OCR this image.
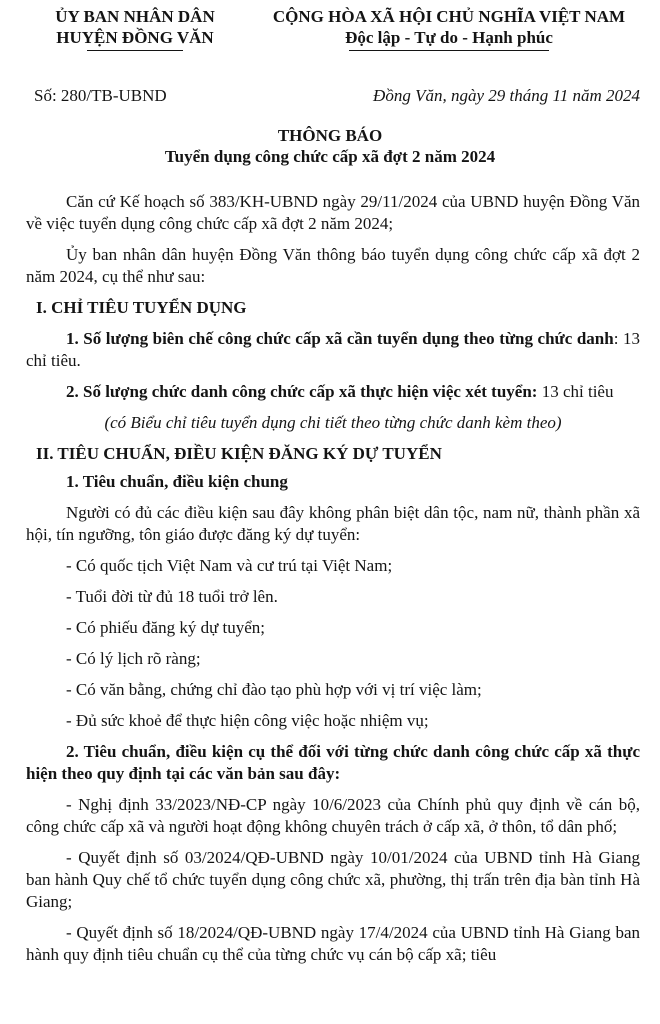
ỦY BAN NHÂN DÂN
HUYỆN ĐỒNG VĂN
CỘNG HÒA XÃ HỘI CHỦ NGHĨA VIỆT NAM
Độc lập - Tự do - Hạnh phúc
Số: 280/TB-UBND	Đồng Văn, ngày 29 tháng 11 năm 2024
THÔNG BÁO
Tuyển dụng công chức cấp xã đợt 2 năm 2024

Căn cứ Kế hoạch số 383/KH-UBND ngày 29/11/2024 của UBND huyện Đồng Văn về việc tuyển dụng công chức cấp xã đợt 2 năm 2024;

Ủy ban nhân dân huyện Đồng Văn thông báo tuyển dụng công chức cấp xã đợt 2 năm 2024, cụ thể như sau:

I. CHỈ TIÊU TUYỂN DỤNG

1. Số lượng biên chế công chức cấp xã cần tuyển dụng theo từng chức danh: 13 chỉ tiêu.

2. Số lượng chức danh công chức cấp xã thực hiện việc xét tuyển: 13 chỉ tiêu

(có Biểu chỉ tiêu tuyển dụng chi tiết theo từng chức danh kèm theo)

II. TIÊU CHUẨN, ĐIỀU KIỆN ĐĂNG KÝ DỰ TUYỂN

1. Tiêu chuẩn, điều kiện chung

Người có đủ các điều kiện sau đây không phân biệt dân tộc, nam nữ, thành phần xã hội, tín ngưỡng, tôn giáo được đăng ký dự tuyển:

- Có quốc tịch Việt Nam và cư trú tại Việt Nam;

- Tuổi đời từ đủ 18 tuổi trở lên.

- Có phiếu đăng ký dự tuyển;

- Có lý lịch rõ ràng;

- Có văn bằng, chứng chỉ đào tạo phù hợp với vị trí việc làm;

- Đủ sức khoẻ để thực hiện công việc hoặc nhiệm vụ;

2. Tiêu chuẩn, điều kiện cụ thể đối với từng chức danh công chức cấp xã thực hiện theo quy định tại các văn bản sau đây:

- Nghị định 33/2023/NĐ-CP ngày 10/6/2023 của Chính phủ quy định về cán bộ, công chức cấp xã và người hoạt động không chuyên trách ở cấp xã, ở thôn, tổ dân phố;

- Quyết định số 03/2024/QĐ-UBND ngày 10/01/2024 của UBND tỉnh Hà Giang ban hành Quy chế tổ chức tuyển dụng công chức xã, phường, thị trấn trên địa bàn tỉnh Hà Giang;

- Quyết định số 18/2024/QĐ-UBND ngày 17/4/2024 của UBND tỉnh Hà Giang ban hành quy định tiêu chuẩn cụ thể của từng chức vụ cán bộ cấp xã; tiêu
